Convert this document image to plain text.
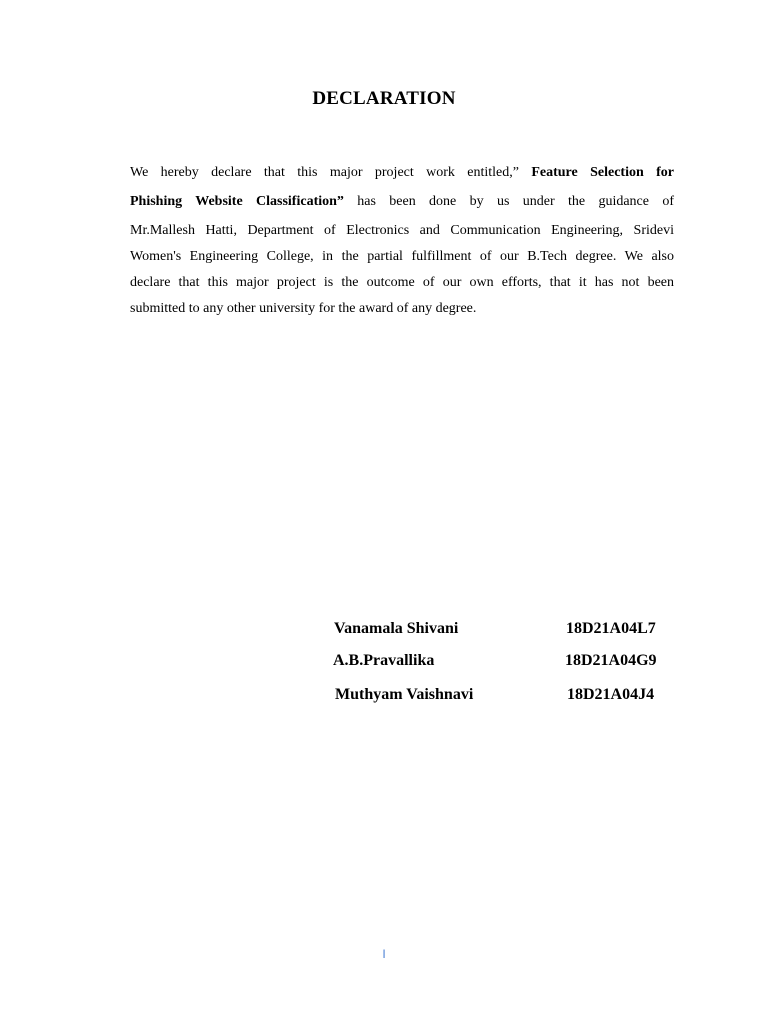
DECLARATION
We hereby declare that this major project work entitled,” Feature Selection for
Phishing Website Classification” has been done by us under the guidance of
Mr.Mallesh Hatti, Department of Electronics and Communication Engineering, Sridevi
Women's Engineering College, in the partial fulfillment of our B.Tech degree. We also
declare that this major project is the outcome of our own efforts, that it has not been
submitted to any other university for the award of any degree.
Vanamala Shivani	18D21A04L7
A.B.Pravallika	18D21A04G9
Muthyam Vaishnavi	18D21A04J4
I
